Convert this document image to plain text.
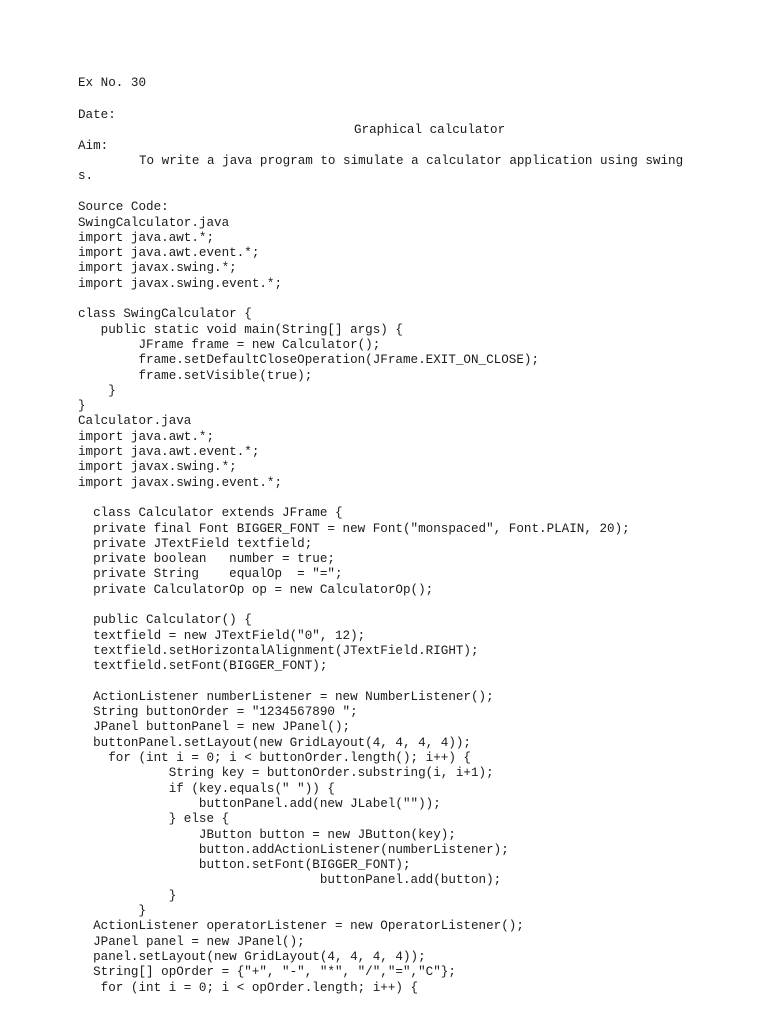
Ex No. 30
Date:
Graphical calculator
Aim:
To write a java program to simulate a calculator application using swing
s.
Source Code:
SwingCalculator.java
import java.awt.*;
import java.awt.event.*;
import javax.swing.*;
import javax.swing.event.*;
class SwingCalculator {
public static void main(String[] args) {
JFrame frame = new Calculator();
frame.setDefaultCloseOperation(JFrame.EXIT_ON_CLOSE);
frame.setVisible(true);
}
}
Calculator.java
import java.awt.*;
import java.awt.event.*;
import javax.swing.*;
import javax.swing.event.*;
class Calculator extends JFrame {
private final Font BIGGER_FONT = new Font("monspaced", Font.PLAIN, 20);
private JTextField textfield;
private boolean   number = true;
private String    equalOp  = "=";
private CalculatorOp op = new CalculatorOp();
public Calculator() {
textfield = new JTextField("0", 12);
textfield.setHorizontalAlignment(JTextField.RIGHT);
textfield.setFont(BIGGER_FONT);
ActionListener numberListener = new NumberListener();
String buttonOrder = "1234567890 ";
JPanel buttonPanel = new JPanel();
buttonPanel.setLayout(new GridLayout(4, 4, 4, 4));
for (int i = 0; i < buttonOrder.length(); i++) {
String key = buttonOrder.substring(i, i+1);
if (key.equals(" ")) {
buttonPanel.add(new JLabel(""));
} else {
JButton button = new JButton(key);
button.addActionListener(numberListener);
button.setFont(BIGGER_FONT);
buttonPanel.add(button);
}
}
ActionListener operatorListener = new OperatorListener();
JPanel panel = new JPanel();
panel.setLayout(new GridLayout(4, 4, 4, 4));
String[] opOrder = {"+", "-", "*", "/","=","C"};
for (int i = 0; i < opOrder.length; i++) {
